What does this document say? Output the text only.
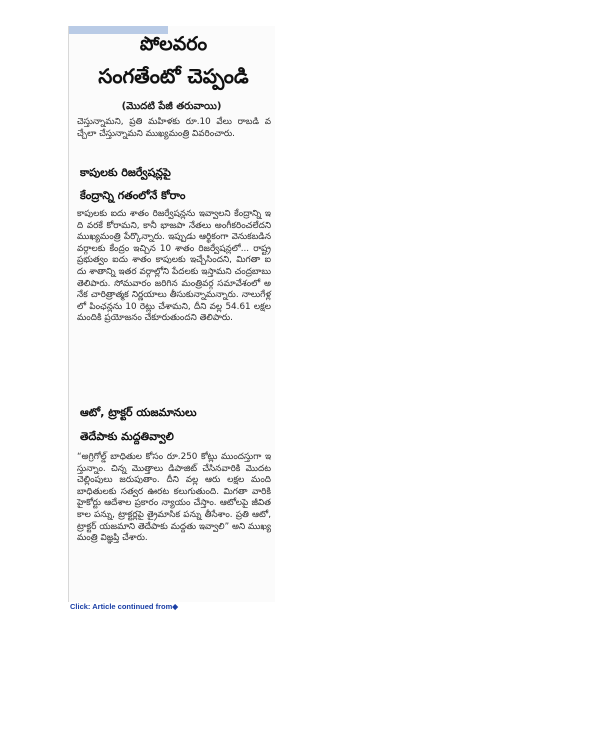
పోలవరం
సంగతేంటో చెప్పండి
(మొదటి పేజీ తరువాయి)

చెస్తున్నామని, ప్రతి మహిళకు రూ.10 వేలు రాబడి వచ్చేలా చేస్తున్నామని ముఖ్యమంత్రి వివరించారు.

కాపులకు రిజర్వేషన్లపై
కేంద్రాన్ని గతంలోనే కోరాం

కాపులకు ఐదు శాతం రిజర్వేషన్లను ఇవ్వాలని కేంద్రాన్ని ఇది వరకే కోరామని, కానీ భాజపా నేతలు అంగీకరించలేదని ముఖ్యమంత్రి పేర్కొన్నారు. ఇప్పుడు ఆర్థికంగా వెనుకబడిన వర్గాలకు కేంద్రం ఇచ్చిన 10 శాతం రిజర్వేషన్లలో... రాష్ట్ర ప్రభుత్వం ఐదు శాతం కాపులకు ఇచ్చేసిందని, మిగతా ఐదు శాతాన్ని ఇతర వర్గాల్లోని పేదలకు ఇస్తామని చంద్రబాబు తెలిపారు. సోమవారం జరిగిన మంత్రివర్గ సమావేశంలో అనేక చారిత్రాత్మక నిర్ణయాలు తీసుకున్నామన్నారు. నాలుగేళ్లలో పింఛన్లను 10 రెట్లు చేశామని, దీని వల్ల 54.61 లక్షల మందికి ప్రయోజనం చేకూరుతుందని తెలిపారు.

ఆటో, ట్రాక్టర్ యజమానులు
తెదేపాకు మద్దతివ్వాలి

“అగ్రిగోల్డ్ బాధితుల కోసం రూ.250 కోట్లు ముందస్తుగా ఇస్తున్నాం. చిన్న మొత్తాలు డిపాజిట్ చేసినవారికి మొదట చెల్లింపులు జరుపుతాం. దీని వల్ల ఆరు లక్షల మంది బాధితులకు సత్వర ఊరట కలుగుతుంది. మిగతా వారికి హైకోర్టు ఆదేశాల ప్రకారం న్యాయం చేస్తాం. ఆటోలపై జీవితకాల పన్ను, ట్రాక్టర్లపై త్రైమాసిక పన్ను తీసేశాం. ప్రతి ఆటో, ట్రాక్టర్ యజమాని తెదేపాకు మద్దతు ఇవ్వాలి” అని ముఖ్యమంత్రి విజ్ఞప్తి చేశారు.

Click: Article continued from◆
